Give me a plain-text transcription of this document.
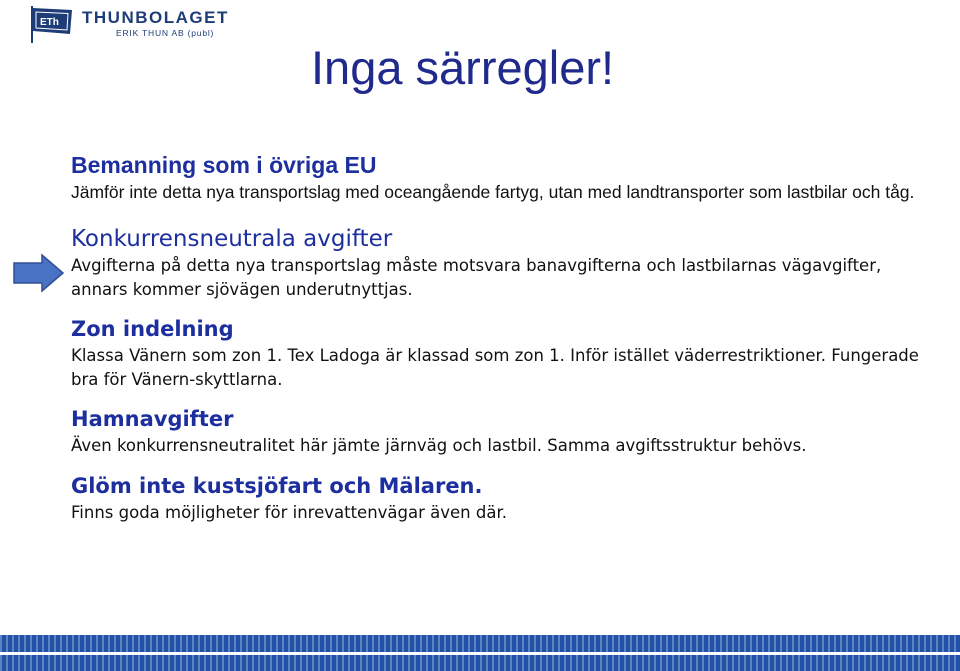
ETh THUNBOLAGET
ERIK THUN AB (publ)
Inga särregler!

Bemanning som i övriga EU

Jämför inte detta nya transportslag med oceangående fartyg, utan med landtransporter som lastbilar och tåg.

Konkurrensneutrala avgifter

Avgifterna på detta nya transportslag måste motsvara banavgifterna och lastbilarnas vägavgifter, annars kommer sjövägen underutnyttjas.

Zon indelning

Klassa Vänern som zon 1. Tex Ladoga är klassad som zon 1. Inför istället väderrestriktioner. Fungerade bra för Vänern-skyttlarna.

Hamnavgifter

Även konkurrensneutralitet här jämte järnväg och lastbil. Samma avgiftsstruktur behövs.

Glöm inte kustsjöfart och Mälaren.

Finns goda möjligheter för inrevattenvägar även där.
